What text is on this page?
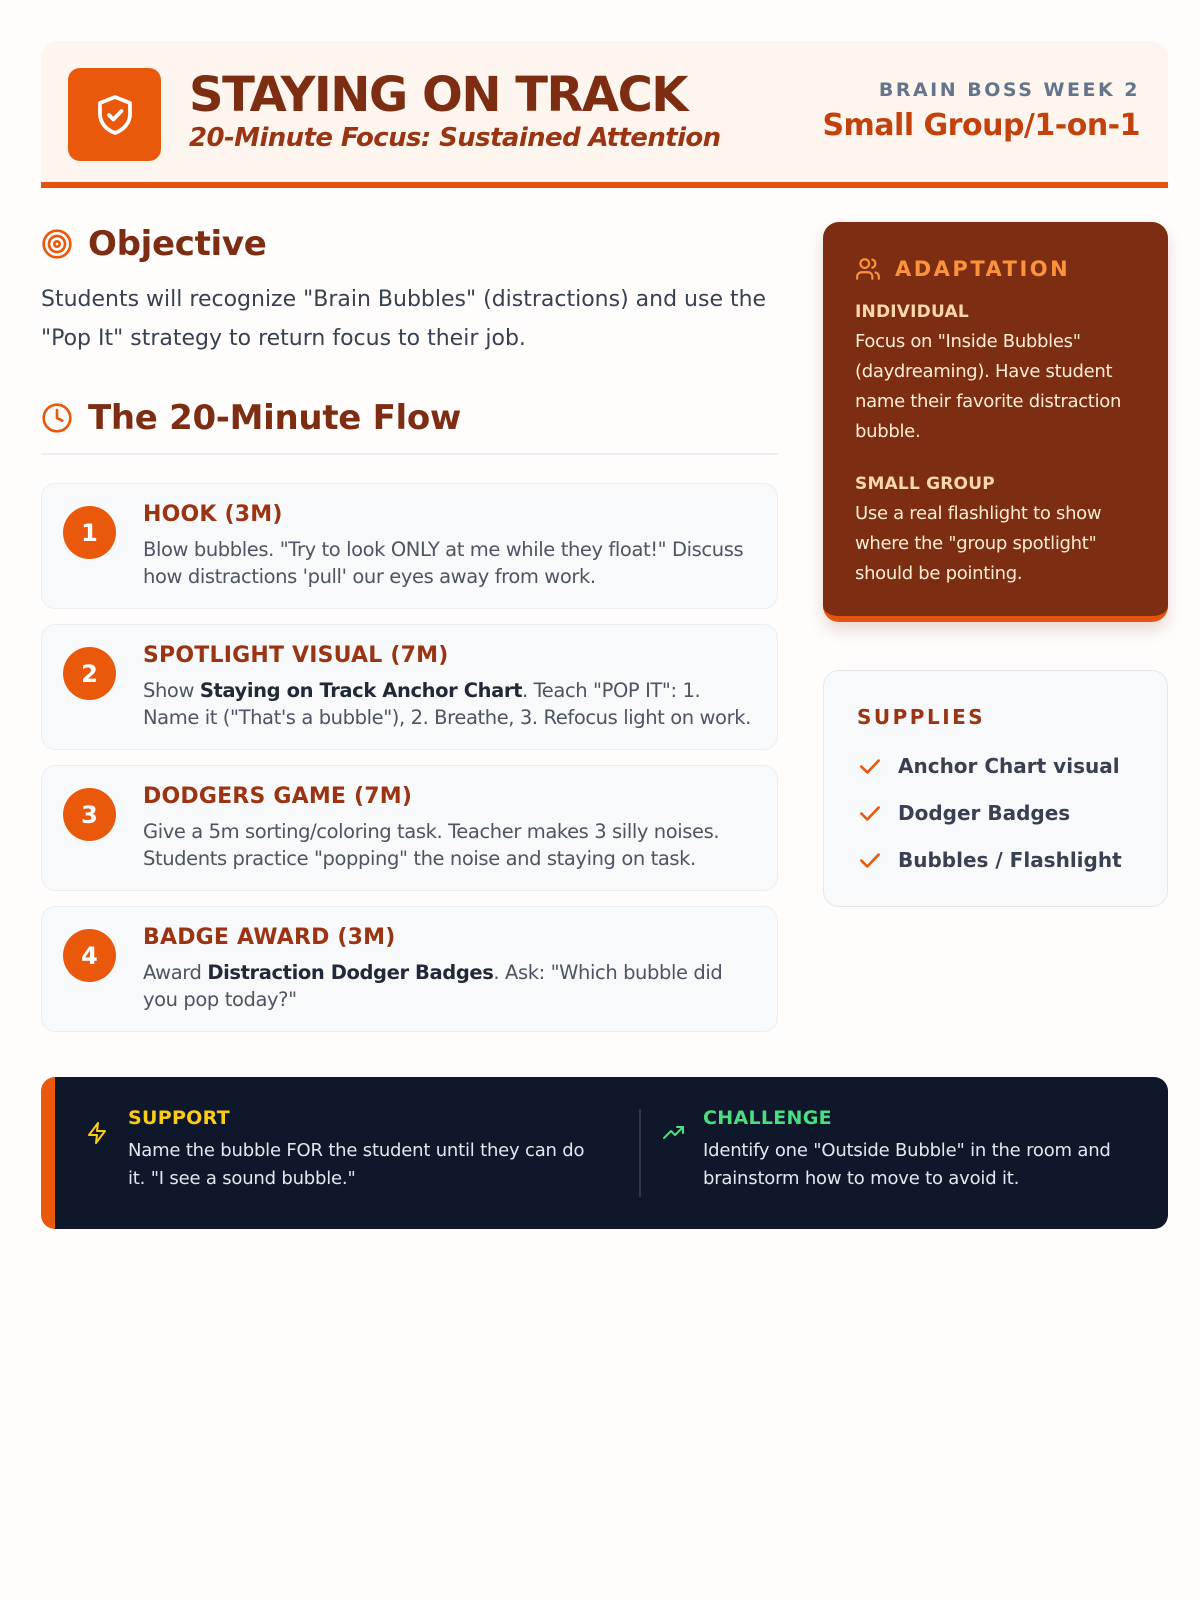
STAYING ON TRACK
20-Minute Focus: Sustained Attention
BRAIN BOSS WEEK 2
Small Group/1-on-1
Objective
Students will recognize "Brain Bubbles" (distractions) and use the "Pop It" strategy to return focus to their job.
The 20-Minute Flow
1
HOOK (3M)
Blow bubbles. "Try to look ONLY at me while they float!" Discuss how distractions 'pull' our eyes away from work.
2
SPOTLIGHT VISUAL (7M)
Show Staying on Track Anchor Chart. Teach "POP IT": 1. Name it ("That's a bubble"), 2. Breathe, 3. Refocus light on work.
3
DODGERS GAME (7M)
Give a 5m sorting/coloring task. Teacher makes 3 silly noises. Students practice "popping" the noise and staying on task.
4
BADGE AWARD (3M)
Award Distraction Dodger Badges. Ask: "Which bubble did you pop today?"
ADAPTATION
INDIVIDUAL
Focus on "Inside Bubbles" (daydreaming). Have student name their favorite distraction bubble.
SMALL GROUP
Use a real flashlight to show where the "group spotlight" should be pointing.
SUPPLIES
Anchor Chart visual
Dodger Badges
Bubbles / Flashlight
SUPPORT
Name the bubble FOR the student until they can do it. "I see a sound bubble."
CHALLENGE
Identify one "Outside Bubble" in the room and brainstorm how to move to avoid it.
